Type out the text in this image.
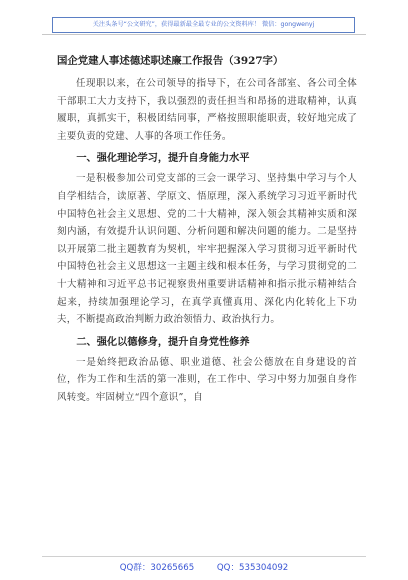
关注头条号“公文研究”，获得最新最全最专业的公文资料库！ 微信：gongwenyj
国企党建人事述德述职述廉工作报告（3927字）

任现职以来，在公司领导的指导下，在公司各部室、各公司全体干部职工大力支持下，我以强烈的责任担当和昂扬的进取精神，认真履职，真抓实干，积极团结同事，严格按照职能职责，较好地完成了主要负责的党建、人事的各项工作任务。

一、强化理论学习，提升自身能力水平

一是积极参加公司党支部的三会一课学习、坚持集中学习与个人自学相结合，读原著、学原文、悟原理，深入系统学习习近平新时代中国特色社会主义思想、党的二十大精神，深入领会其精神实质和深刻内涵，有效提升认识问题、分析问题和解决问题的能力。二是坚持以开展第二批主题教育为契机，牢牢把握深入学习贯彻习近平新时代中国特色社会主义思想这一主题主线和根本任务，与学习贯彻党的二十大精神和习近平总书记视察贵州重要讲话精神和指示批示精神结合起来，持续加强理论学习，在真学真懂真用、深化内化转化上下功夫，不断提高政治判断力政治领悟力、政治执行力。

二、强化以德修身，提升自身党性修养

一是始终把政治品德、职业道德、社会公德放在自身建设的首位，作为工作和生活的第一准则，在工作中、学习中努力加强自身作风转变。牢固树立“四个意识”，自

QQ群：30265665	QQ：535304092
